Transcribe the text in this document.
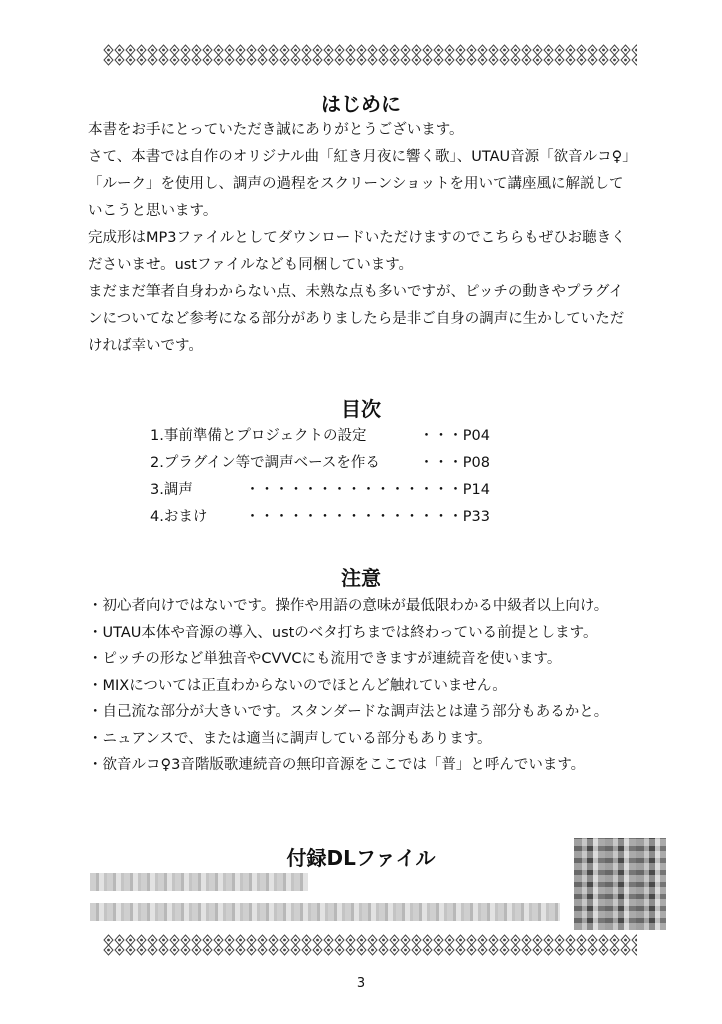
はじめに

本書をお手にとっていただき誠にありがとうございます。

さて、本書では自作のオリジナル曲「紅き月夜に響く歌」、UTAU音源「欲音ルコ♀」「ルーク」を使用し、調声の過程をスクリーンショットを用いて講座風に解説していこうと思います。

完成形はMP3ファイルとしてダウンロードいただけますのでこちらもぜひお聴きくださいませ。ustファイルなども同梱しています。

まだまだ筆者自身わからない点、未熟な点も多いですが、ピッチの動きやプラグインについてなど参考になる部分がありましたら是非ご自身の調声に生かしていただければ幸いです。

目次
1.事前準備とプロジェクトの設定	・・・P04
2.プラグイン等で調声ベースを作る	・・・P08
3.調声	・・・・・・・・・・・・・・・P14
4.おまけ	・・・・・・・・・・・・・・・P33
注意
・初心者向けではないです。操作や用語の意味が最低限わかる中級者以上向け。
・UTAU本体や音源の導入、ustのベタ打ちまでは終わっている前提とします。
・ピッチの形など単独音やCVVCにも流用できますが連続音を使います。
・MIXについては正直わからないのでほとんど触れていません。
・自己流な部分が大きいです。スタンダードな調声法とは違う部分もあるかと。
・ニュアンスで、または適当に調声している部分もあります。
・欲音ルコ♀3音階版歌連続音の無印音源をここでは「普」と呼んでいます。
付録DLファイル
3
